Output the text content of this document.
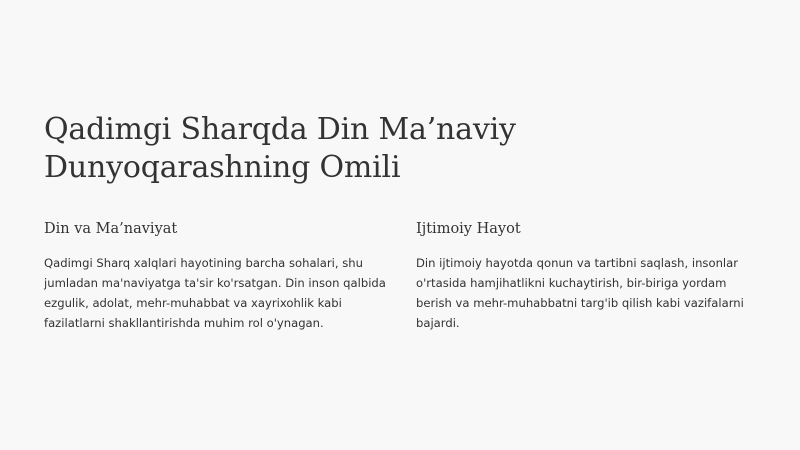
Qadimgi Sharqda Din Ma’naviy
Dunyoqarashning Omili
Din va Ma’naviyat

Qadimgi Sharq xalqlari hayotining barcha sohalari, shu
jumladan ma'naviyatga ta'sir ko'rsatgan. Din inson qalbida
ezgulik, adolat, mehr-muhabbat va xayrixohlik kabi
fazilatlarni shakllantirishda muhim rol o'ynagan.

Ijtimoiy Hayot

Din ijtimoiy hayotda qonun va tartibni saqlash, insonlar
o'rtasida hamjihatlikni kuchaytirish, bir-biriga yordam
berish va mehr-muhabbatni targ'ib qilish kabi vazifalarni
bajardi.
